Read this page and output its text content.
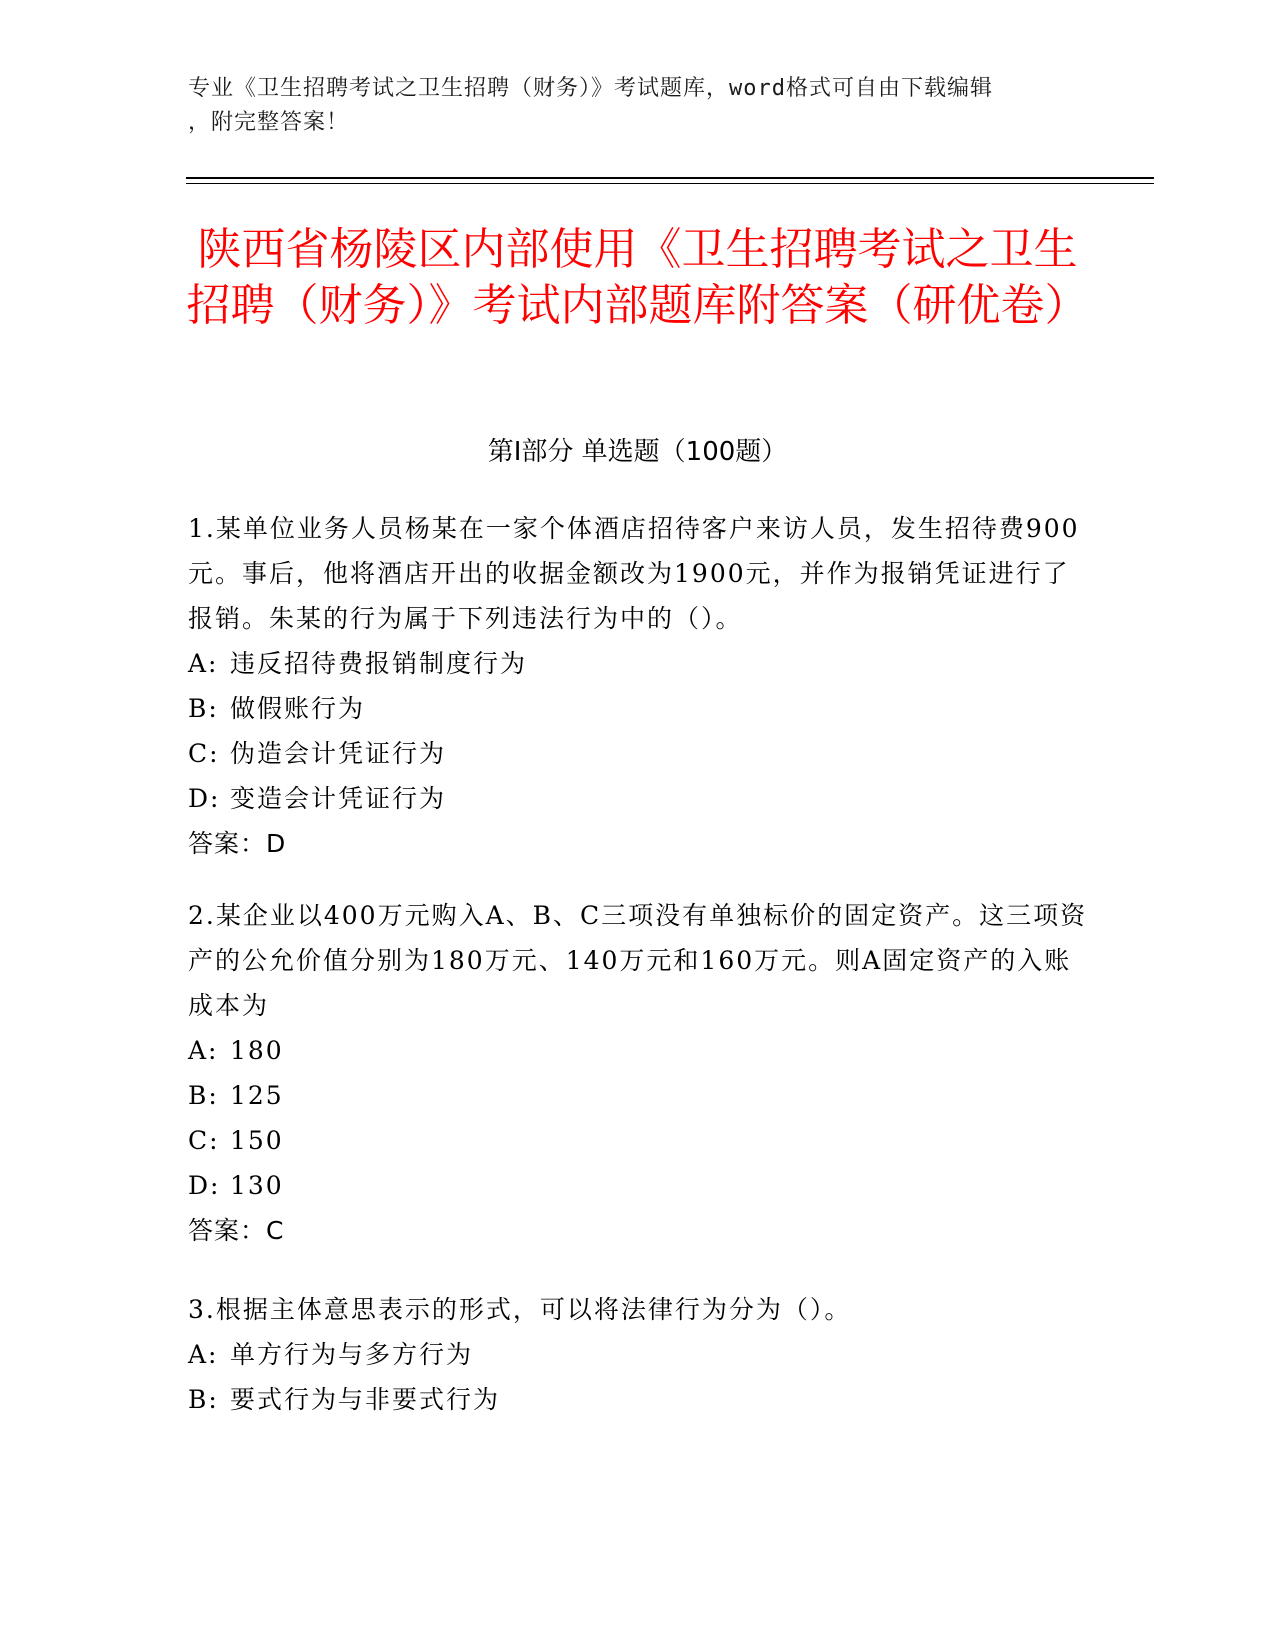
专业《卫生招聘考试之卫生招聘（财务）》考试题库，word格式可自由下载编辑
，附完整答案！
陕西省杨陵区内部使用《卫生招聘考试之卫生招聘（财务）》考试内部题库附答案（研优卷）
第Ⅰ部分 单选题（100题）
1.某单位业务人员杨某在一家个体酒店招待客户来访人员，发生招待费900元。事后，他将酒店开出的收据金额改为1900元，并作为报销凭证进行了报销。朱某的行为属于下列违法行为中的（）。
A: 违反招待费报销制度行为
B: 做假账行为
C: 伪造会计凭证行为
D: 变造会计凭证行为
答案：D
2.某企业以400万元购入A、B、C三项没有单独标价的固定资产。这三项资产的公允价值分别为180万元、140万元和160万元。则A固定资产的入账成本为
A: 180
B: 125
C: 150
D: 130
答案：C
3.根据主体意思表示的形式，可以将法律行为分为（）。
A: 单方行为与多方行为
B: 要式行为与非要式行为
